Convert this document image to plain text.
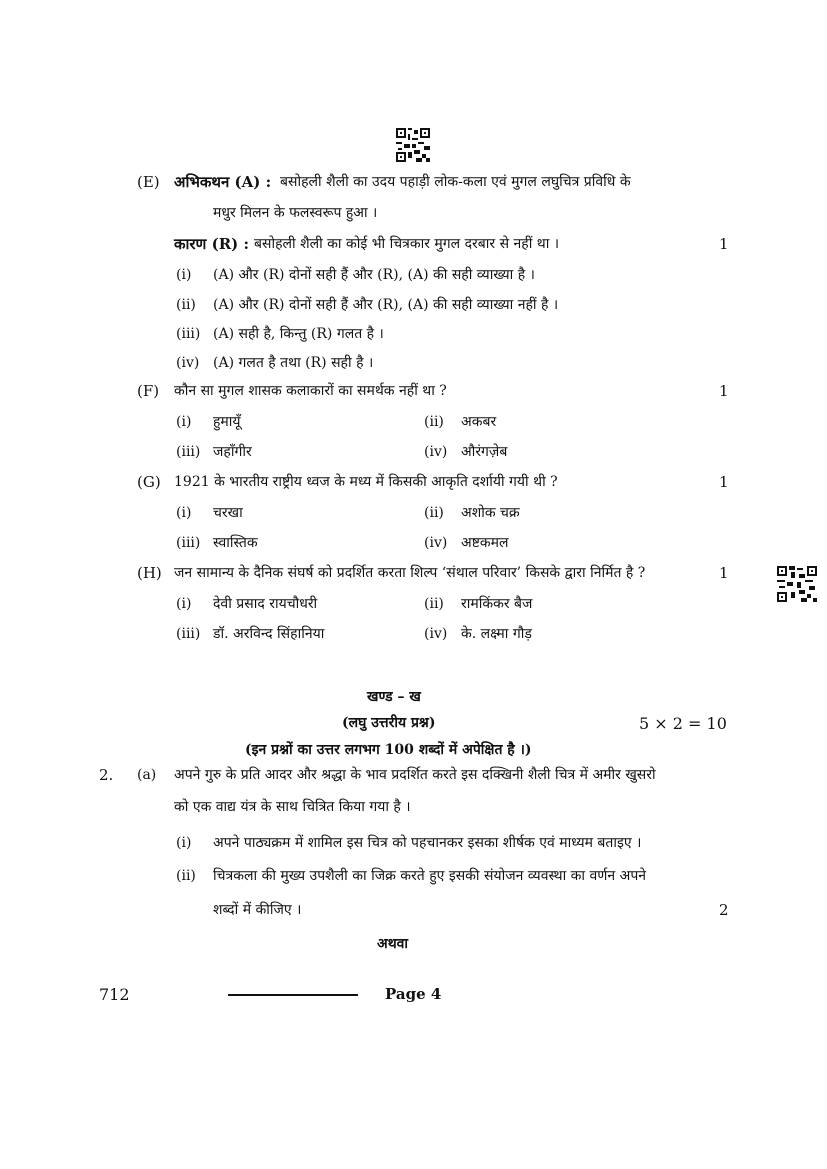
(E) अभिकथन (A) : बसोहली शैली का उदय पहाड़ी लोक-कला एवं मुगल लघुचित्र प्रविधि के
मधुर मिलन के फलस्वरूप हुआ ।
कारण (R) : बसोहली शैली का कोई भी चित्रकार मुगल दरबार से नहीं था ।	1
(i) (A) और (R) दोनों सही हैं और (R), (A) की सही व्याख्या है ।
(ii) (A) और (R) दोनों सही हैं और (R), (A) की सही व्याख्या नहीं है ।
(iii) (A) सही है, किन्तु (R) गलत है ।
(iv) (A) गलत है तथा (R) सही है ।
(F) कौन सा मुगल शासक कलाकारों का समर्थक नहीं था ?	1
(i) हुमायूँ	(ii) अकबर
(iii) जहाँगीर	(iv) औरंगज़ेब
(G) 1921 के भारतीय राष्ट्रीय ध्वज के मध्य में किसकी आकृति दर्शायी गयी थी ?	1
(i) चरखा	(ii) अशोक चक्र
(iii) स्वास्तिक	(iv) अष्टकमल
(H) जन सामान्य के दैनिक संघर्ष को प्रदर्शित करता शिल्प ‘संथाल परिवार’ किसके द्वारा निर्मित है ?	1
(i) देवी प्रसाद रायचौधरी	(ii) रामकिंकर बैज
(iii) डॉ. अरविन्द सिंहानिया	(iv) के. लक्ष्मा गौड़
खण्ड – ख
(लघु उत्तरीय प्रश्न)	5 × 2 = 10
(इन प्रश्नों का उत्तर लगभग 100 शब्दों में अपेक्षित है ।)
2. (a) अपने गुरु के प्रति आदर और श्रद्धा के भाव प्रदर्शित करते इस दक्खिनी शैली चित्र में अमीर खुसरो
को एक वाद्य यंत्र के साथ चित्रित किया गया है ।
(i) अपने पाठ्यक्रम में शामिल इस चित्र को पहचानकर इसका शीर्षक एवं माध्यम बताइए ।
(ii) चित्रकला की मुख्य उपशैली का जिक्र करते हुए इसकी संयोजन व्यवस्था का वर्णन अपने
शब्दों में कीजिए ।	2
अथवा
712	Page 4
